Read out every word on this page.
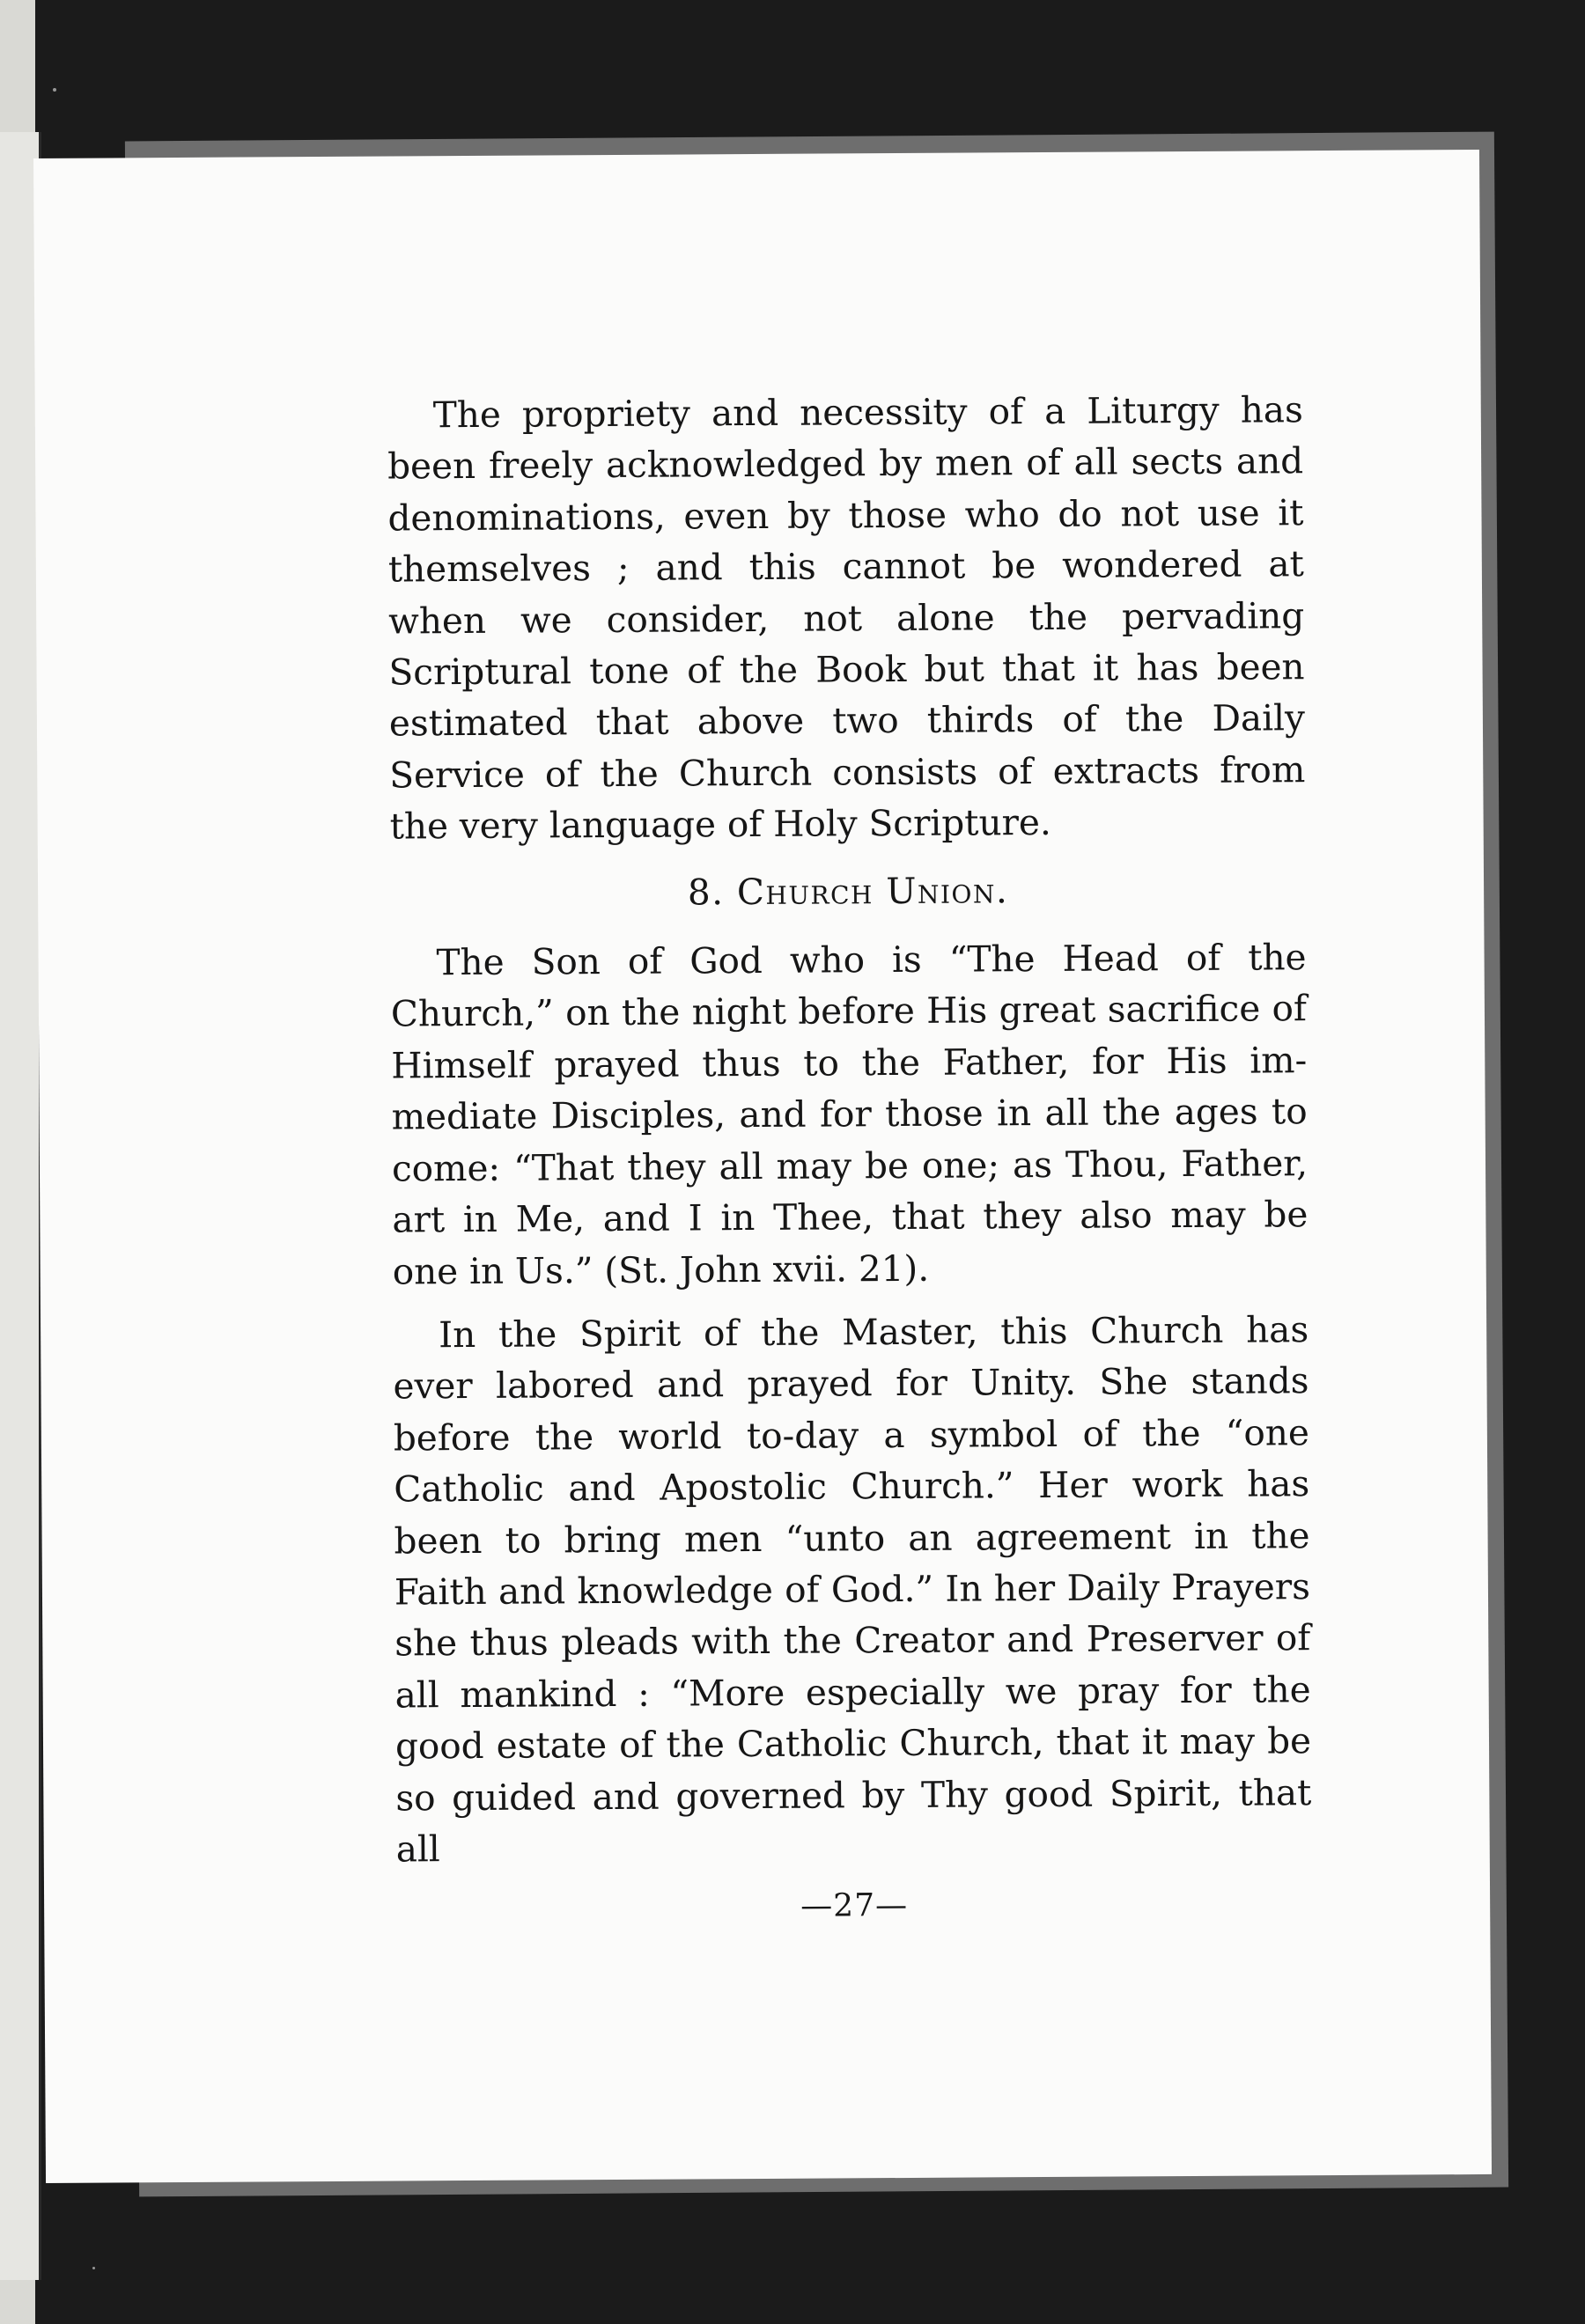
The propriety and necessity of a Liturgy has been freely acknowledged by men of all sects and denominations, even by those who do not use it themselves ; and this cannot be wondered at when we consider, not alone the pervading Scriptural tone of the Book but that it has been estimated that above two thirds of the Daily Service of the Church consists of extracts from the very language of Holy Scripture.

8. Church Union.

The Son of God who is “The Head of the Church,” on the night before His great sacrifice of Himself prayed thus to the Father, for His immediate Disciples, and for those in all the ages to come: “That they all may be one; as Thou, Father, art in Me, and I in Thee, that they also may be one in Us.” (St. John xvii. 21).

In the Spirit of the Master, this Church has ever labored and prayed for Unity. She stands before the world to-day a symbol of the “one Catholic and Apostolic Church.” Her work has been to bring men “unto an agreement in the Faith and knowledge of God.” In her Daily Prayers she thus pleads with the Creator and Preserver of all mankind : “More especially we pray for the good estate of the Catholic Church, that it may be so guided and governed by Thy good Spirit, that all

—27—
